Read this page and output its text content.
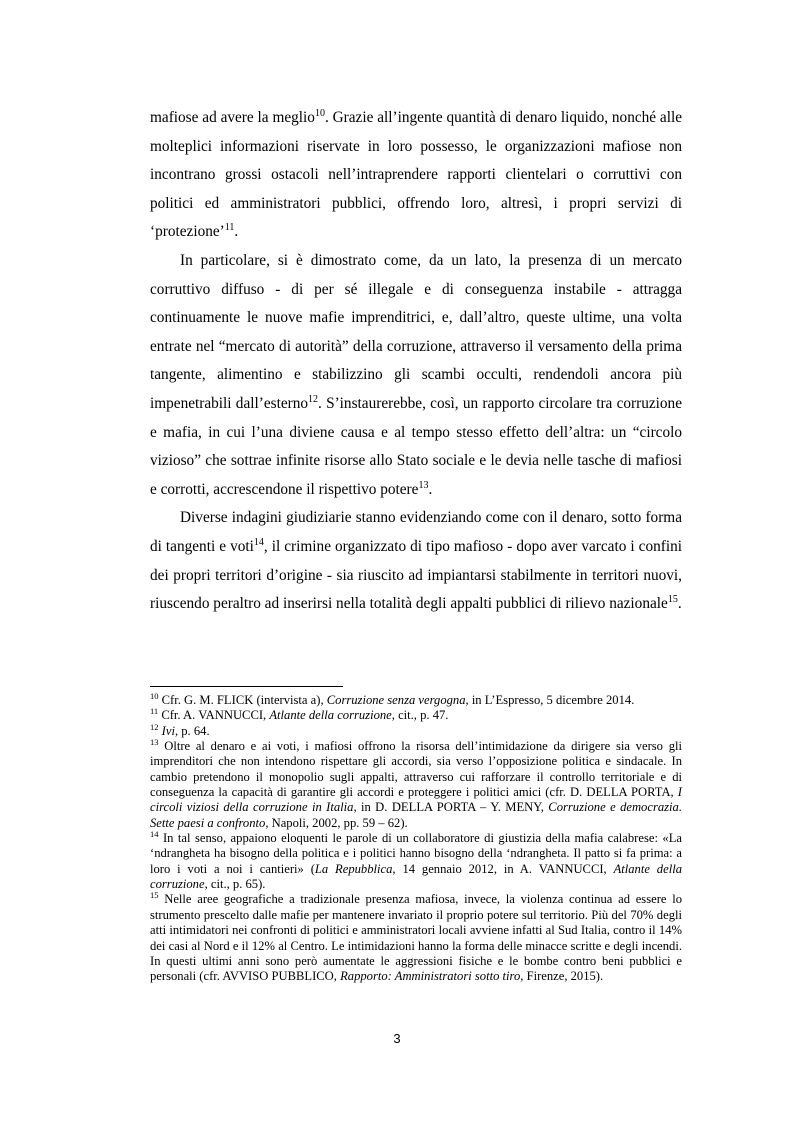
mafiose ad avere la meglio$^{10}$. Grazie all’ingente quantità di denaro liquido, nonché alle molteplici informazioni riservate in loro possesso, le organizzazioni mafiose non incontrano grossi ostacoli nell’intraprendere rapporti clientelari o corruttivi con politici ed amministratori pubblici, offrendo loro, altresì, i propri servizi di ‘protezione’$^{11}$.

In particolare, si è dimostrato come, da un lato, la presenza di un mercato corruttivo diffuso - di per sé illegale e di conseguenza instabile - attragga continuamente le nuove mafie imprenditrici, e, dall’altro, queste ultime, una volta entrate nel “mercato di autorità” della corruzione, attraverso il versamento della prima tangente, alimentino e stabilizzino gli scambi occulti, rendendoli ancora più impenetrabili dall’esterno$^{12}$. S’instaurerebbe, così, un rapporto circolare tra corruzione e mafia, in cui l’una diviene causa e al tempo stesso effetto dell’altra: un “circolo vizioso” che sottrae infinite risorse allo Stato sociale e le devia nelle tasche di mafiosi e corrotti, accrescendone il rispettivo potere$^{13}$.

Diverse indagini giudiziarie stanno evidenziando come con il denaro, sotto forma di tangenti e voti$^{14}$, il crimine organizzato di tipo mafioso - dopo aver varcato i confini dei propri territori d’origine - sia riuscito ad impiantarsi stabilmente in territori nuovi, riuscendo peraltro ad inserirsi nella totalità degli appalti pubblici di rilievo nazionale$^{15}$.

$^{10}$ Cfr. G. M. FLICK (intervista a), Corruzione senza vergogna, in L’Espresso, 5 dicembre 2014.

$^{11}$ Cfr. A. VANNUCCI, Atlante della corruzione, cit., p. 47.

$^{12}$ Ivi, p. 64.

$^{13}$ Oltre al denaro e ai voti, i mafiosi offrono la risorsa dell’intimidazione da dirigere sia verso gli imprenditori che non intendono rispettare gli accordi, sia verso l’opposizione politica e sindacale. In cambio pretendono il monopolio sugli appalti, attraverso cui rafforzare il controllo territoriale e di conseguenza la capacità di garantire gli accordi e proteggere i politici amici (cfr. D. DELLA PORTA, I circoli viziosi della corruzione in Italia, in D. DELLA PORTA – Y. MENY, Corruzione e democrazia. Sette paesi a confronto, Napoli, 2002, pp. 59 – 62).

$^{14}$ In tal senso, appaiono eloquenti le parole di un collaboratore di giustizia della mafia calabrese: «La ‘ndrangheta ha bisogno della politica e i politici hanno bisogno della ‘ndrangheta. Il patto si fa prima: a loro i voti a noi i cantieri» (La Repubblica, 14 gennaio 2012, in A. VANNUCCI, Atlante della corruzione, cit., p. 65).

$^{15}$ Nelle aree geografiche a tradizionale presenza mafiosa, invece, la violenza continua ad essere lo strumento prescelto dalle mafie per mantenere invariato il proprio potere sul territorio. Più del 70% degli atti intimidatori nei confronti di politici e amministratori locali avviene infatti al Sud Italia, contro il 14% dei casi al Nord e il 12% al Centro. Le intimidazioni hanno la forma delle minacce scritte e degli incendi. In questi ultimi anni sono però aumentate le aggressioni fisiche e le bombe contro beni pubblici e personali (cfr. AVVISO PUBBLICO, Rapporto: Amministratori sotto tiro, Firenze, 2015).

3
